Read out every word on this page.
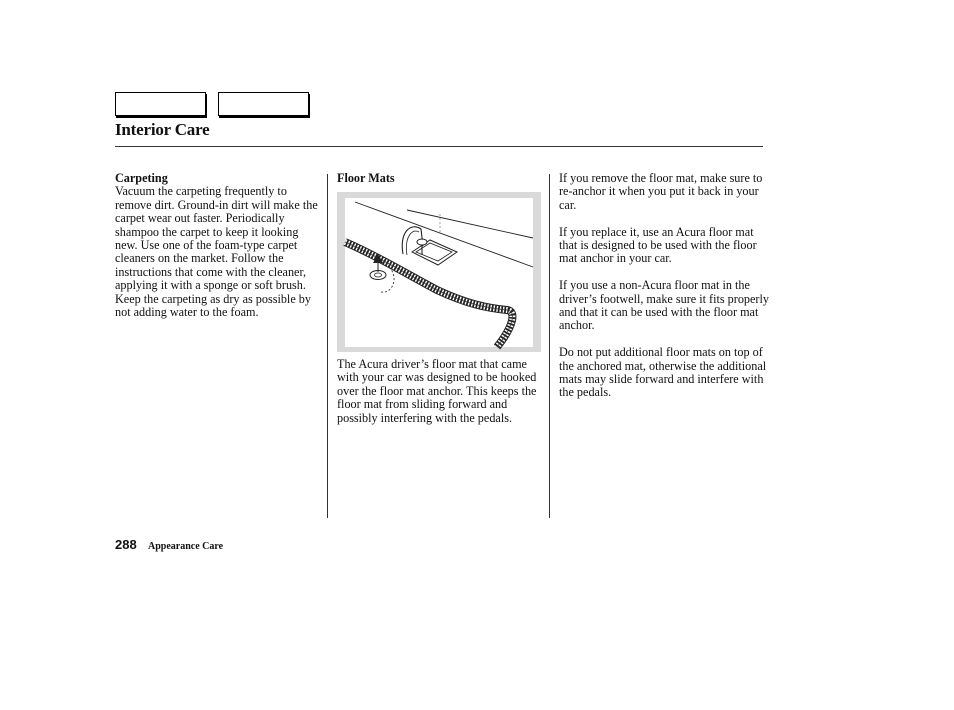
Interior Care

Carpeting

Vacuum the carpeting frequently to remove dirt. Ground-in dirt will make the carpet wear out faster. Periodically shampoo the carpet to keep it looking new. Use one of the foam-type carpet cleaners on the market. Follow the instructions that come with the cleaner, applying it with a sponge or soft brush. Keep the carpeting as dry as possible by not adding water to the foam.

Floor Mats

The Acura driver’s floor mat that came with your car was designed to be hooked over the floor mat anchor. This keeps the floor mat from sliding forward and possibly interfering with the pedals.

If you remove the floor mat, make sure to re-anchor it when you put it back in your car.

If you replace it, use an Acura floor mat that is designed to be used with the floor mat anchor in your car.

If you use a non-Acura floor mat in the driver’s footwell, make sure it fits properly and that it can be used with the floor mat anchor.

Do not put additional floor mats on top of the anchored mat, otherwise the additional mats may slide forward and interfere with the pedals.

288 Appearance Care
